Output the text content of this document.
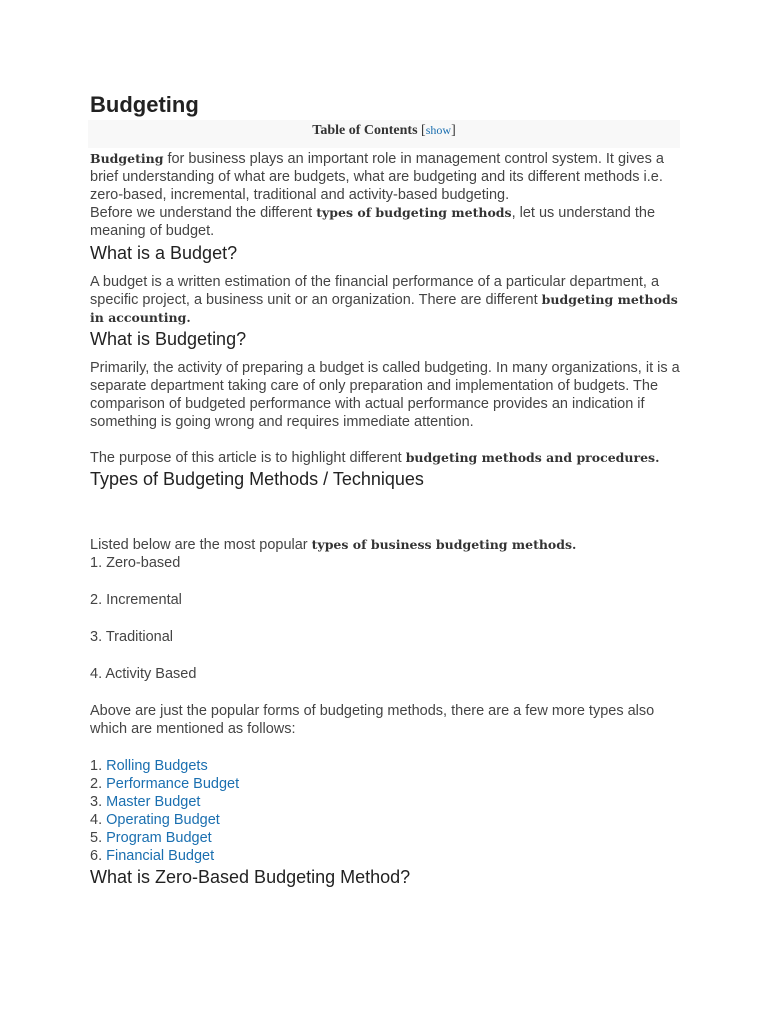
Budgeting
Table of Contents [show]

Budgeting for business plays an important role in management control system. It gives a brief understanding of what are budgets, what are budgeting and its different methods i.e. zero-based, incremental, traditional and activity-based budgeting.

Before we understand the different types of budgeting methods, let us understand the meaning of budget.

What is a Budget?

A budget is a written estimation of the financial performance of a particular department, a specific project, a business unit or an organization. There are different budgeting methods in accounting.

What is Budgeting?

Primarily, the activity of preparing a budget is called budgeting. In many organizations, it is a separate department taking care of only preparation and implementation of budgets. The comparison of budgeted performance with actual performance provides an indication if something is going wrong and requires immediate attention.

The purpose of this article is to highlight different budgeting methods and procedures.

Types of Budgeting Methods / Techniques

Listed below are the most popular types of business budgeting methods.

1. Zero-based

2. Incremental

3. Traditional

4. Activity Based

Above are just the popular forms of budgeting methods, there are a few more types also which are mentioned as follows:

1. Rolling Budgets

2. Performance Budget

3. Master Budget

4. Operating Budget

5. Program Budget

6. Financial Budget

What is Zero-Based Budgeting Method?
